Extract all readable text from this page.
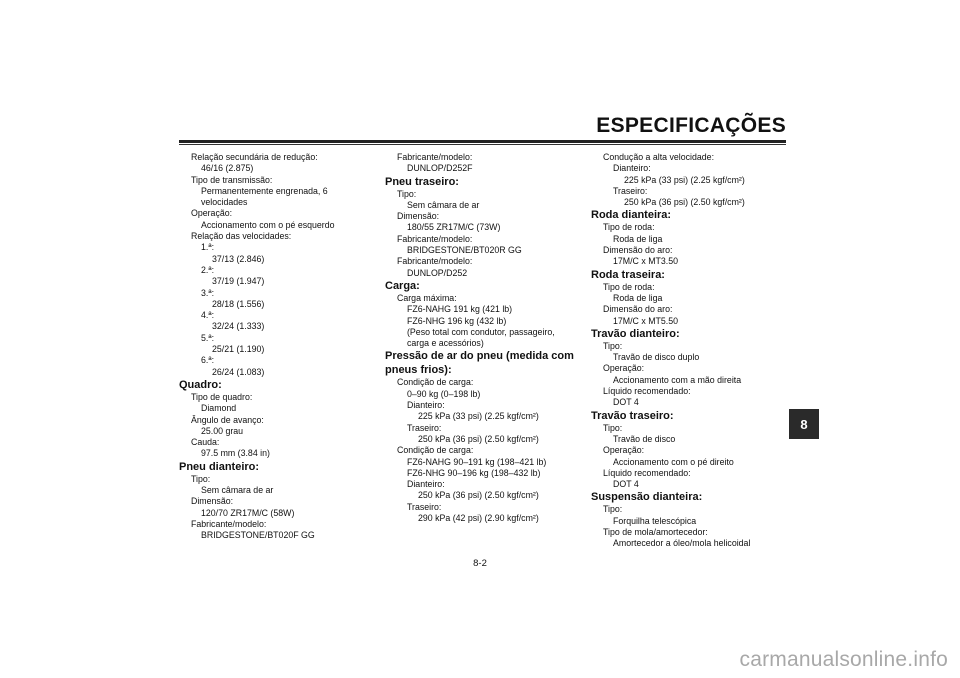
ESPECIFICAÇÕES
Relação secundária de redução:
46/16 (2.875)
Tipo de transmissão:
Permanentemente engrenada, 6
velocidades
Operação:
Accionamento com o pé esquerdo
Relação das velocidades:
1.ª:
37/13 (2.846)
2.ª:
37/19 (1.947)
3.ª:
28/18 (1.556)
4.ª:
32/24 (1.333)
5.ª:
25/21 (1.190)
6.ª:
26/24 (1.083)
Quadro:
Tipo de quadro:
Diamond
Ângulo de avanço:
25.00 grau
Cauda:
97.5 mm (3.84 in)
Pneu dianteiro:
Tipo:
Sem câmara de ar
Dimensão:
120/70 ZR17M/C (58W)
Fabricante/modelo:
BRIDGESTONE/BT020F GG
Fabricante/modelo:
DUNLOP/D252F
Pneu traseiro:
Tipo:
Sem câmara de ar
Dimensão:
180/55 ZR17M/C (73W)
Fabricante/modelo:
BRIDGESTONE/BT020R GG
Fabricante/modelo:
DUNLOP/D252
Carga:
Carga máxima:
FZ6-NAHG 191 kg (421 lb)
FZ6-NHG 196 kg (432 lb)
(Peso total com condutor, passageiro,
carga e acessórios)
Pressão de ar do pneu (medida com
pneus frios):
Condição de carga:
0–90 kg (0–198 lb)
Dianteiro:
225 kPa (33 psi) (2.25 kgf/cm²)
Traseiro:
250 kPa (36 psi) (2.50 kgf/cm²)
Condição de carga:
FZ6-NAHG 90–191 kg (198–421 lb)
FZ6-NHG 90–196 kg (198–432 lb)
Dianteiro:
250 kPa (36 psi) (2.50 kgf/cm²)
Traseiro:
290 kPa (42 psi) (2.90 kgf/cm²)
Condução a alta velocidade:
Dianteiro:
225 kPa (33 psi) (2.25 kgf/cm²)
Traseiro:
250 kPa (36 psi) (2.50 kgf/cm²)
Roda dianteira:
Tipo de roda:
Roda de liga
Dimensão do aro:
17M/C x MT3.50
Roda traseira:
Tipo de roda:
Roda de liga
Dimensão do aro:
17M/C x MT5.50
Travão dianteiro:
Tipo:
Travão de disco duplo
Operação:
Accionamento com a mão direita
Líquido recomendado:
DOT 4
Travão traseiro:
Tipo:
Travão de disco
Operação:
Accionamento com o pé direito
Líquido recomendado:
DOT 4
Suspensão dianteira:
Tipo:
Forquilha telescópica
Tipo de mola/amortecedor:
Amortecedor a óleo/mola helicoidal
8
8-2
carmanualsonline.info
